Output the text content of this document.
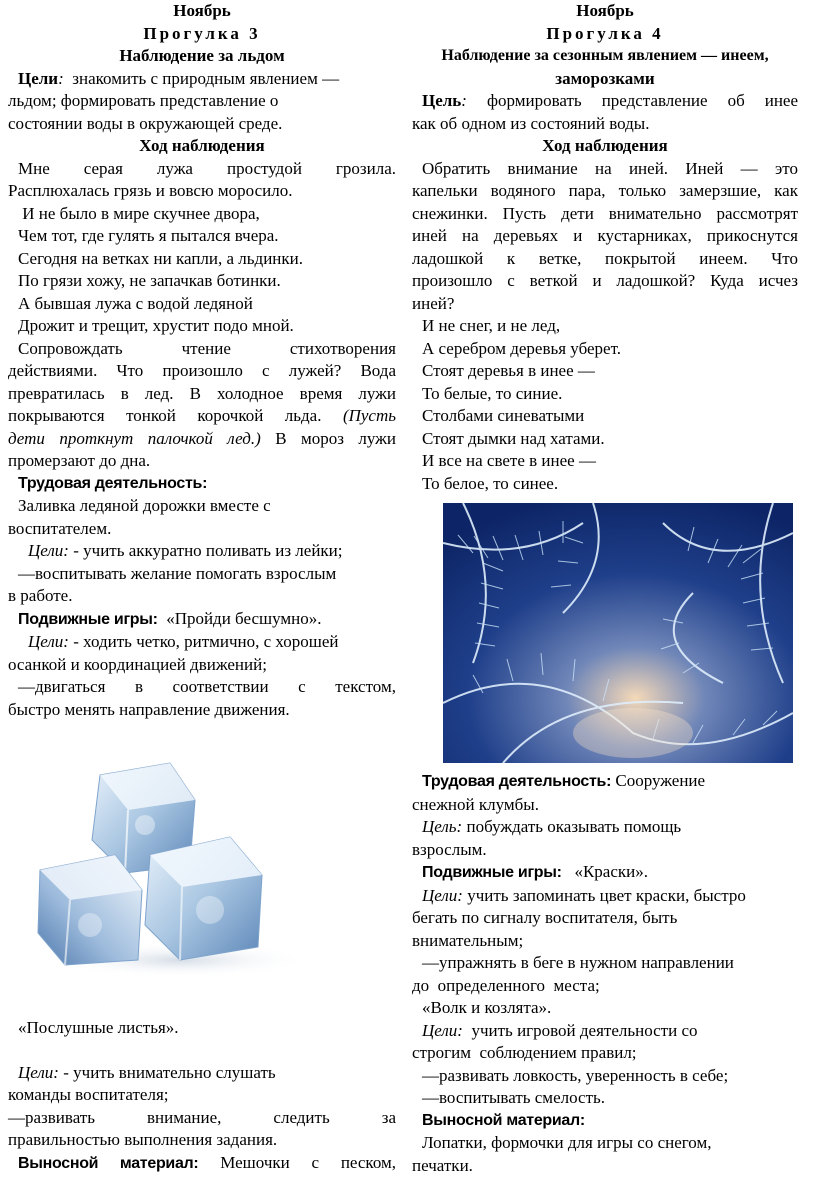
Ноябрь

Прогулка 3

Наблюдение за льдом

Цели: знакомить с природным явлением —

льдом; формировать представление о

состоянии воды в окружающей среде.

Ход наблюдения

Мне серая лужа простудой грозила.

Расплюхалась грязь и вовсю моросило.

И не было в мире скучнее двора,

Чем тот, где гулять я пытался вчера.

Сегодня на ветках ни капли, а льдинки.

По грязи хожу, не запачкав ботинки.

А бывшая лужа с водой ледяной

Дрожит и трещит, хрустит подо мной.

Сопровождать чтение стихотворения

действиями. Что произошло с лужей? Вода

превратилась в лед. В холодное время лужи

покрываются тонкой корочкой льда. (Пусть

дети проткнут палочкой лед.) В мороз лужи

промерзают до дна.

Трудовая деятельность:

Заливка ледяной дорожки вместе с

воспитателем.

Цели: - учить аккуратно поливать из лейки;

—воспитывать желание помогать взрослым

в работе.

Подвижные игры: «Пройди бесшумно».

Цели: - ходить четко, ритмично, с хорошей

осанкой и координацией движений;

—двигаться в соответствии с текстом,

быстро менять направление движения.

«Послушные листья».

Цели: - учить внимательно слушать

команды воспитателя;

—развивать внимание, следить за

правильностью выполнения задания.

Выносной материал: Мешочки с песком,

Ноябрь

Прогулка 4

Наблюдение за сезонным явлением — инеем,

заморозками

Цель: формировать представление об инее

как об одном из состояний воды.

Ход наблюдения

Обратить внимание на иней. Иней — это

капельки водяного пара, только замерзшие, как

снежинки. Пусть дети внимательно рассмотрят

иней на деревьях и кустарниках, прикоснутся

ладошкой к ветке, покрытой инеем. Что

произошло с веткой и ладошкой? Куда исчез

иней?

И не снег, и не лед,

А серебром деревья уберет.

Стоят деревья в инее —

То белые, то синие.

Столбами синеватыми

Стоят дымки над хатами.

И все на свете в инее —

То белое, то синее.

Трудовая деятельность: Сооружение

снежной клумбы.

Цель: побуждать оказывать помощь

взрослым.

Подвижные игры: «Краски».

Цели: учить запоминать цвет краски, быстро

бегать по сигналу воспитателя, быть

внимательным;

—упражнять в беге в нужном направлении

до  определенного  места;

«Волк и козлята».

Цели: учить игровой деятельности со

строгим  соблюдением правил;

—развивать ловкость, уверенность в себе;

—воспитывать смелость.

Выносной материал:

Лопатки, формочки для игры со снегом,

печатки.
